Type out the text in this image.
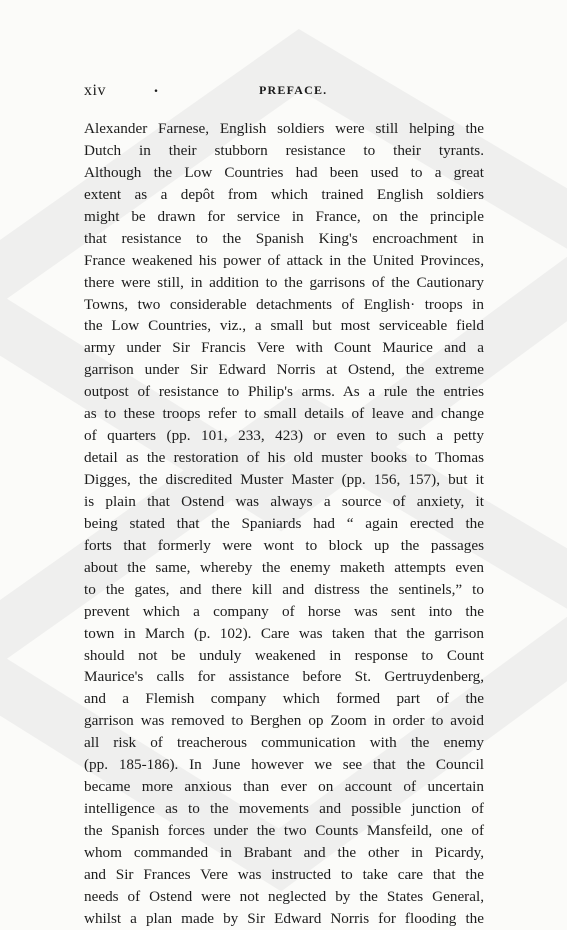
xiv	.	PREFACE.
Alexander Farnese, English soldiers were still helping the
Dutch in their stubborn resistance to their tyrants.
Although the Low Countries had been used to a great
extent as a depôt from which trained English soldiers
might be drawn for service in France, on the principle
that resistance to the Spanish King's encroachment in
France weakened his power of attack in the United Provinces,
there were still, in addition to the garrisons of the Cautionary
Towns, two considerable detachments of English· troops in
the Low Countries, viz., a small but most serviceable field
army under Sir Francis Vere with Count Maurice and a
garrison under Sir Edward Norris at Ostend, the extreme
outpost of resistance to Philip's arms. As a rule the entries
as to these troops refer to small details of leave and change
of quarters (pp. 101, 233, 423) or even to such a petty
detail as the restoration of his old muster books to Thomas
Digges, the discredited Muster Master (pp. 156, 157), but it
is plain that Ostend was always a source of anxiety, it
being stated that the Spaniards had “ again erected the
forts that formerly were wont to block up the passages
about the same, whereby the enemy maketh attempts even
to the gates, and there kill and distress the sentinels,” to
prevent which a company of horse was sent into the
town in March (p. 102). Care was taken that the garrison
should not be unduly weakened in response to Count
Maurice's calls for assistance before St. Gertruydenberg,
and a Flemish company which formed part of the
garrison was removed to Berghen op Zoom in order to avoid
all risk of treacherous communication with the enemy
(pp. 185-186). In June however we see that the Council
became more anxious than ever on account of uncertain
intelligence as to the movements and possible junction of
the Spanish forces under the two Counts Mansfeild, one of
whom commanded in Brabant and the other in Picardy,
and Sir Frances Vere was instructed to take care that the
needs of Ostend were not neglected by the States General,
whilst a plan made by Sir Edward Norris for flooding the
